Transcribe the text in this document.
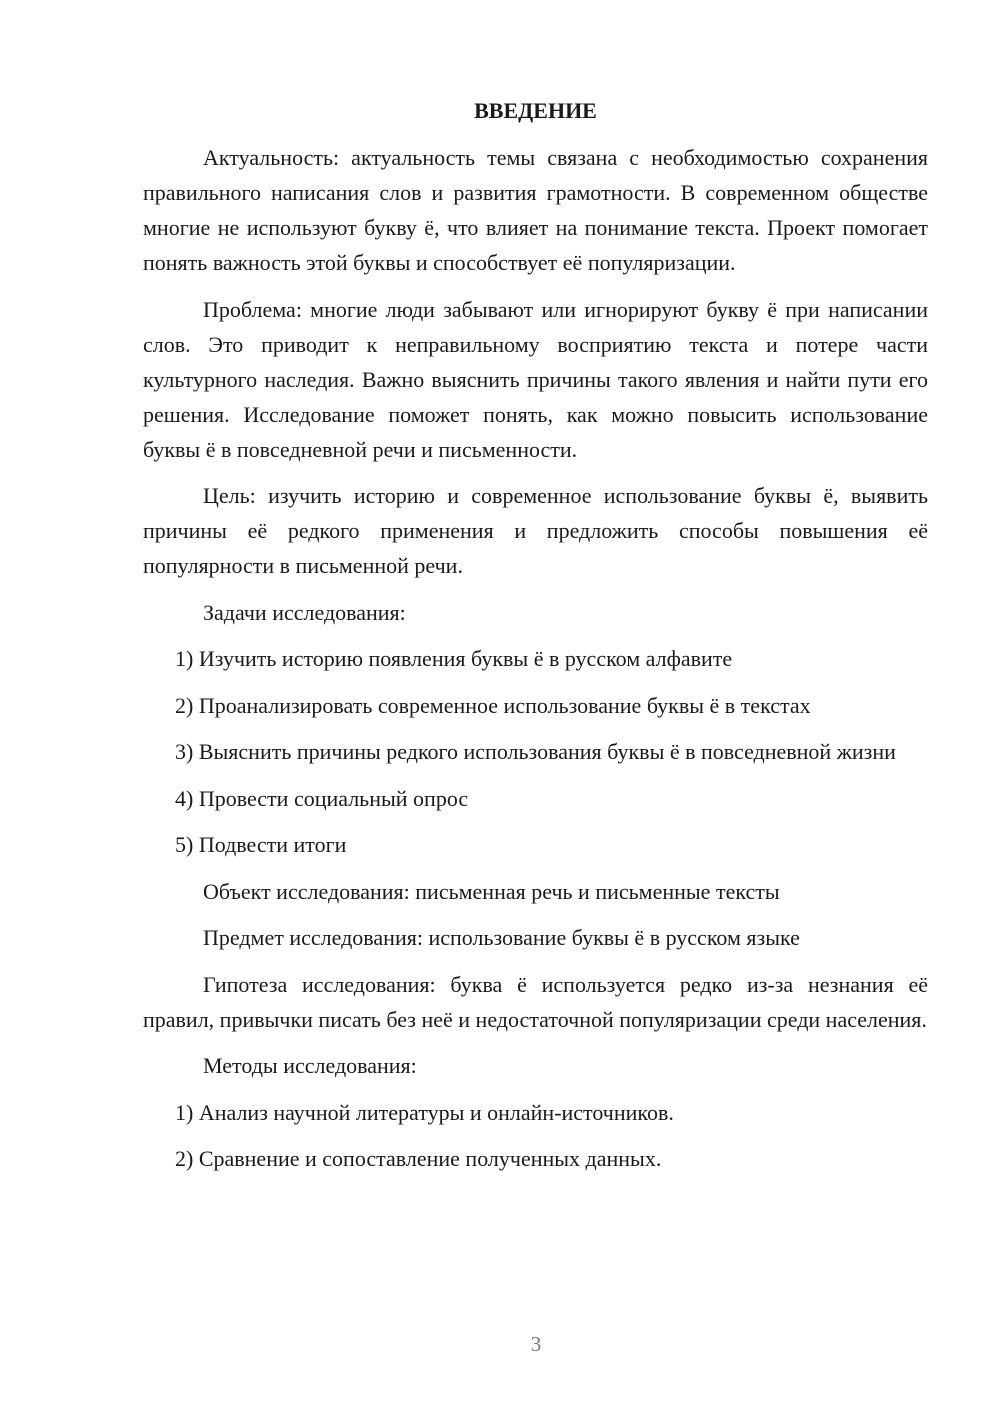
ВВЕДЕНИЕ

Актуальность: актуальность темы связана с необходимостью сохранения правильного написания слов и развития грамотности. В современном обществе многие не используют букву ё, что влияет на понимание текста. Проект помогает понять важность этой буквы и способствует её популяризации.

Проблема: многие люди забывают или игнорируют букву ё при написании слов. Это приводит к неправильному восприятию текста и потере части культурного наследия. Важно выяснить причины такого явления и найти пути его решения. Исследование поможет понять, как можно повысить использование буквы ё в повседневной речи и письменности.

Цель: изучить историю и современное использование буквы ё, выявить причины её редкого применения и предложить способы повышения её популярности в письменной речи.

Задачи исследования:

1) Изучить историю появления буквы ё в русском алфавите

2) Проанализировать современное использование буквы ё в текстах

3) Выяснить причины редкого использования буквы ё в повседневной жизни

4) Провести социальный опрос

5) Подвести итоги

Объект исследования: письменная речь и письменные тексты

Предмет исследования: использование буквы ё в русском языке

Гипотеза исследования: буква ё используется редко из-за незнания её правил, привычки писать без неё и недостаточной популяризации среди населения.

Методы исследования:

1) Анализ научной литературы и онлайн-источников.

2) Сравнение и сопоставление полученных данных.

3
